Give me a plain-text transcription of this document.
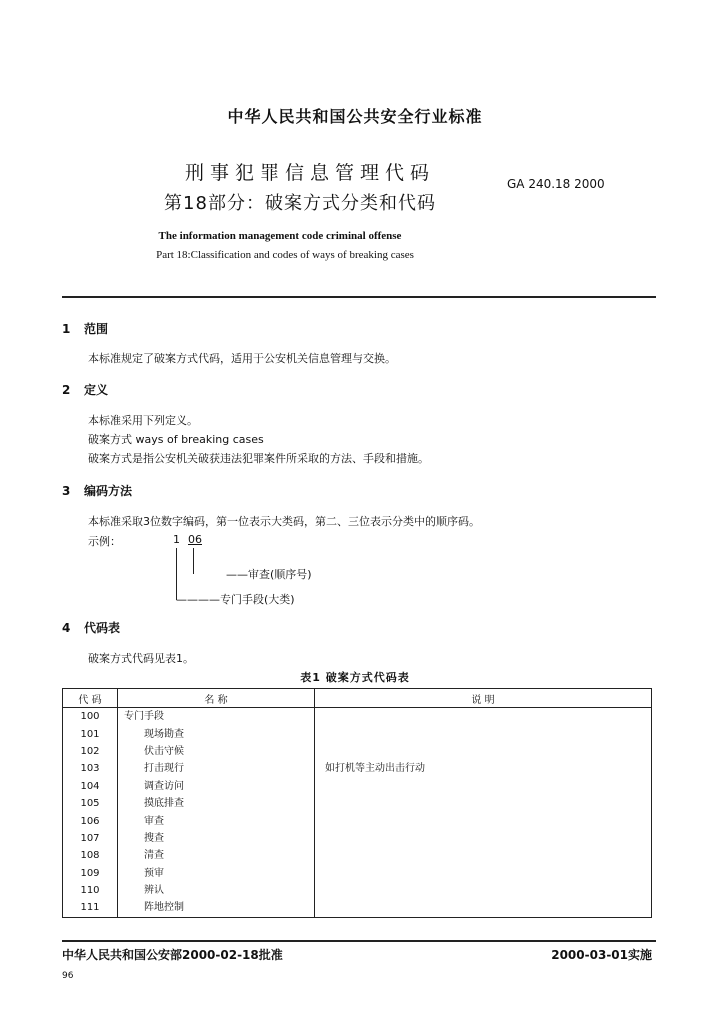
中华人民共和国公共安全行业标准
刑事犯罪信息管理代码
第18部分：破案方式分类和代码
GA 240.18 2000
The information management code criminal offense
Part 18:Classification and codes of ways of breaking cases
1 范围
本标准规定了破案方式代码，适用于公安机关信息管理与交换。
2 定义
本标准采用下列定义。
破案方式 ways of breaking cases
破案方式是指公安机关破获违法犯罪案件所采取的方法、手段和措施。
3 编码方法
本标准采取3位数字编码，第一位表示大类码，第二、三位表示分类中的顺序码。
示例：	1 06
——审查(顺序号)
————专门手段(大类)
4 代码表
破案方式代码见表1。
表1 破案方式代码表
代 码	名 称	说 明
100	专门手段	
101	现场勘查	
102	伏击守候	
103	打击现行	如打机等主动出击行动
104	调查访问	
105	摸底排查	
106	审查	
107	搜查	
108	清查	
109	预审	
110	辨认	
111	阵地控制	
中华人民共和国公安部2000-02-18批准	2000-03-01实施
96
